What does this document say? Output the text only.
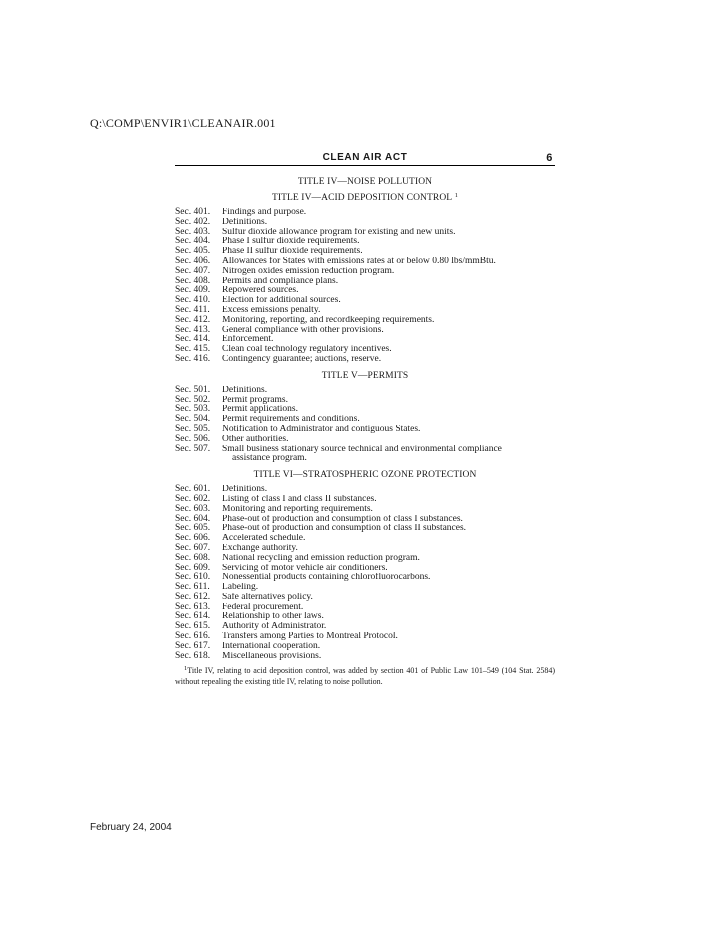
Q:\COMP\ENVIR1\CLEANAIR.001
CLEAN AIR ACT	6

TITLE IV—NOISE POLLUTION

TITLE IV—ACID DEPOSITION CONTROL $^1$

Sec. 401.	Findings and purpose.
Sec. 402.	Definitions.
Sec. 403.	Sulfur dioxide allowance program for existing and new units.
Sec. 404.	Phase I sulfur dioxide requirements.
Sec. 405.	Phase II sulfur dioxide requirements.
Sec. 406.	Allowances for States with emissions rates at or below 0.80 lbs/mmBtu.
Sec. 407.	Nitrogen oxides emission reduction program.
Sec. 408.	Permits and compliance plans.
Sec. 409.	Repowered sources.
Sec. 410.	Election for additional sources.
Sec. 411.	Excess emissions penalty.
Sec. 412.	Monitoring, reporting, and recordkeeping requirements.
Sec. 413.	General compliance with other provisions.
Sec. 414.	Enforcement.
Sec. 415.	Clean coal technology regulatory incentives.
Sec. 416.	Contingency guarantee; auctions, reserve.

TITLE V—PERMITS

Sec. 501.	Definitions.
Sec. 502.	Permit programs.
Sec. 503.	Permit applications.
Sec. 504.	Permit requirements and conditions.
Sec. 505.	Notification to Administrator and contiguous States.
Sec. 506.	Other authorities.
Sec. 507.	Small business stationary source technical and environmental compliance
assistance program.

TITLE VI—STRATOSPHERIC OZONE PROTECTION

Sec. 601.	Definitions.
Sec. 602.	Listing of class I and class II substances.
Sec. 603.	Monitoring and reporting requirements.
Sec. 604.	Phase-out of production and consumption of class I substances.
Sec. 605.	Phase-out of production and consumption of class II substances.
Sec. 606.	Accelerated schedule.
Sec. 607.	Exchange authority.
Sec. 608.	National recycling and emission reduction program.
Sec. 609.	Servicing of motor vehicle air conditioners.
Sec. 610.	Nonessential products containing chlorofluorocarbons.
Sec. 611.	Labeling.
Sec. 612.	Safe alternatives policy.
Sec. 613.	Federal procurement.
Sec. 614.	Relationship to other laws.
Sec. 615.	Authority of Administrator.
Sec. 616.	Transfers among Parties to Montreal Protocol.
Sec. 617.	International cooperation.
Sec. 618.	Miscellaneous provisions.
$^1$Title IV, relating to acid deposition control, was added by section 401 of Public Law 101–549 (104 Stat. 2584) without repealing the existing title IV, relating to noise pollution.
February 24, 2004
